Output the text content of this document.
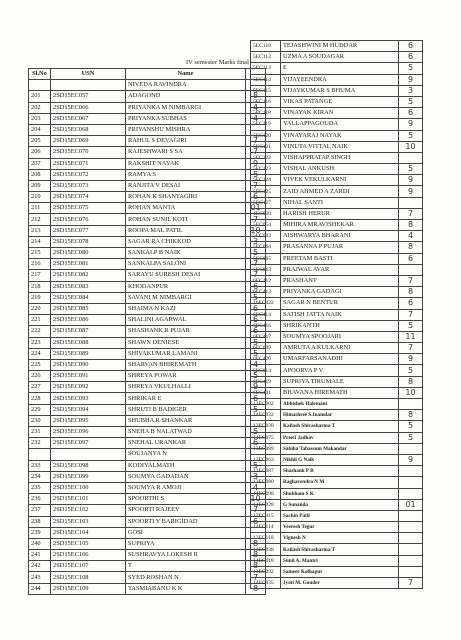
IV semester Marks final
5EC110	TEJASHWINI M HUDDAR	6
5EC112	UZMA A SOUDAGAR	6
5EC113	E	5
5EC114	VIJAYEENDRA	9
5EC115	VIJAYKUMAR S BHUMA	3
5EC116	VIKAS PATANGE	5
5EC118	VINAYAK KIRAN	6
5EC119	YALLAPPAGOUDA	9
5EC120	VINAYARAJ NAYAK	5
5EC121	VINUTA VITTAL NAIK	10
5EC122	VISHAPPRATAP SINGH	
5EC123	VISHAL ANKUSH	5
5EC124	VIVEK VEKULKARNI	9
5EC125	ZAID AHMED A ZARDI	9
5EC127	NIHAL SANTI	
4EC030	HARISH HERUR	7
5EC054	MIHIRA MRAVISHEKAR	8
5EC003	AISHWARYA BHARANI	4
5EC064	PRASANNA P PUJAR	8
5EC065	PREETAM BASTI	6
5EC063	PRAJWAL AVAR	
6EC412	PRASHANT	7
6EC413	PRIYANKA GADAGI	8
16EC422	SAGAR N BENTUR	6
6EC414	SATISH JATTA NAIK	7
6EC416	SHRIKANTH	5
6EC417	SOUMYA SPOOJARI	11
6EC009	AMRUTA A KULKARNI	7
6EC420	UMARFARSANADHI	9
5EC014	APOORVA P V	5
6EC419	SUPRIYA TIRUMALE	8
6EC401	BHAVANA HIREMATH	10
13EC002	Abhishek Halemani	
14EC032	Himashree S.Inamdar	8
13EC038	Kailash Shivasharma T	5
14EC075	Preeti Jadhav	5
13EC089	Sabiha Tabassum Makandar	
13EC063	Nikhil G Naik	9
12EC087	Shashank P B	
13EC080	Raghavendra N M	
14EC098	Shubham S K	
14EC028	G Sunanda	01
13EC415	Sachin Patil	
14EC114	Veeresh Tegur	
12EC118	Vignesh N	
13EC038	Kailash Shivasharma T	
14EC418	Sunil A. Mantri	
13EC092	Sameer Kolhapur	
14EC035	Jyoti M. Gouder	7
Sl.No	USN	Name	
		NIVEDA RAVINDRA	
201	2SD15EC057	ADAGOND	8
202	2SD15EC066	PRIYANKA M NIMBARGI	4
203	2SD15EC067	PRIYANKA SUBHAS	4
204	2SD15EC068	PRIYANSHU MISHRA	
205	2SD15EC069	RAHUL S DEVAGIRI	7
206	2SD15EC070	RAJESHWARI S SA	7
207	2SD15EC071	RAKSHIT NAYAK	9
208	2SD15EC072	RAMYA S	5
209	2SD15EC073	RANJITA V DESAI	7
210	2SD15EC074	ROHAN K SHANTAGIRI	6
211	2SD15EC075	ROHAN MANTA	01
212	2SD15EC076	ROHAN SUNIL KOTI	7
213	2SD15EC077	ROOPA MAL PATIL	10
214	2SD15EC078	SAGAR RA CHIKKOD	3
215	2SD15EC080	SANKALP B NAIK	5
216	2SD15EC081	SANKALPA SALONI	7
217	2SD15EC082	SARAYU SURESH DESAI	7
218	2SD15EC083	KHODANPUR	6
219	2SD15EC084	SAVANI M NIMBARGI	5
220	2SD15EC085	SHAIMA N KAZI	6
221	2SD15EC086	SHALINI AGARWAL	6
222	2SD15EC087	SHASHANK R PUJAR	6
223	2SD15EC088	SHAWN DENIESE	5
224	2SD15EC089	SHIVAKUMAR LAMANI	5
225	2SD15EC090	SHARVAN BHIREMATH	4
226	2SD15EC091	SHREYA POWAR	5
227	2SD15EC092	SHREYA VKULHALLI	9
228	2SD15EC093	SHRIKAR E	6
229	2SD15EC094	SHRUTI B BADIGER	5
230	2SD15EC095	SHUBHA R SHANKAR	
231	2SD15EC096	SNEHA B NALATWAD	5
232	2SD15EC097	SNEHAL URANKAR	6
		SOUJANYA N	
233	2SD15EC098	KODIYALMATH	5
234	2SD15EC099	SOUMYA GADADAN	3
235	2SD15EC100	SOUMYA R AMOJI	4
236	2SD15EC101	SPOORTHI S	10
237	2SD15EC102	SPOORTI RAJEEV	7
238	2SD15EC103	SPOORTI Y BARIGIDAD	6
239	2SD15EC104	GOSI	
240	2SD15EC105	SUPRIYA	8
241	2SD15EC106	SUSHRAVYA LOKESH R	8
242	2SD15EC107	T	8
243	2SD15EC108	SYED ROSHAN N	7
244	2SD15EC109	TASMIABANU K K	8
